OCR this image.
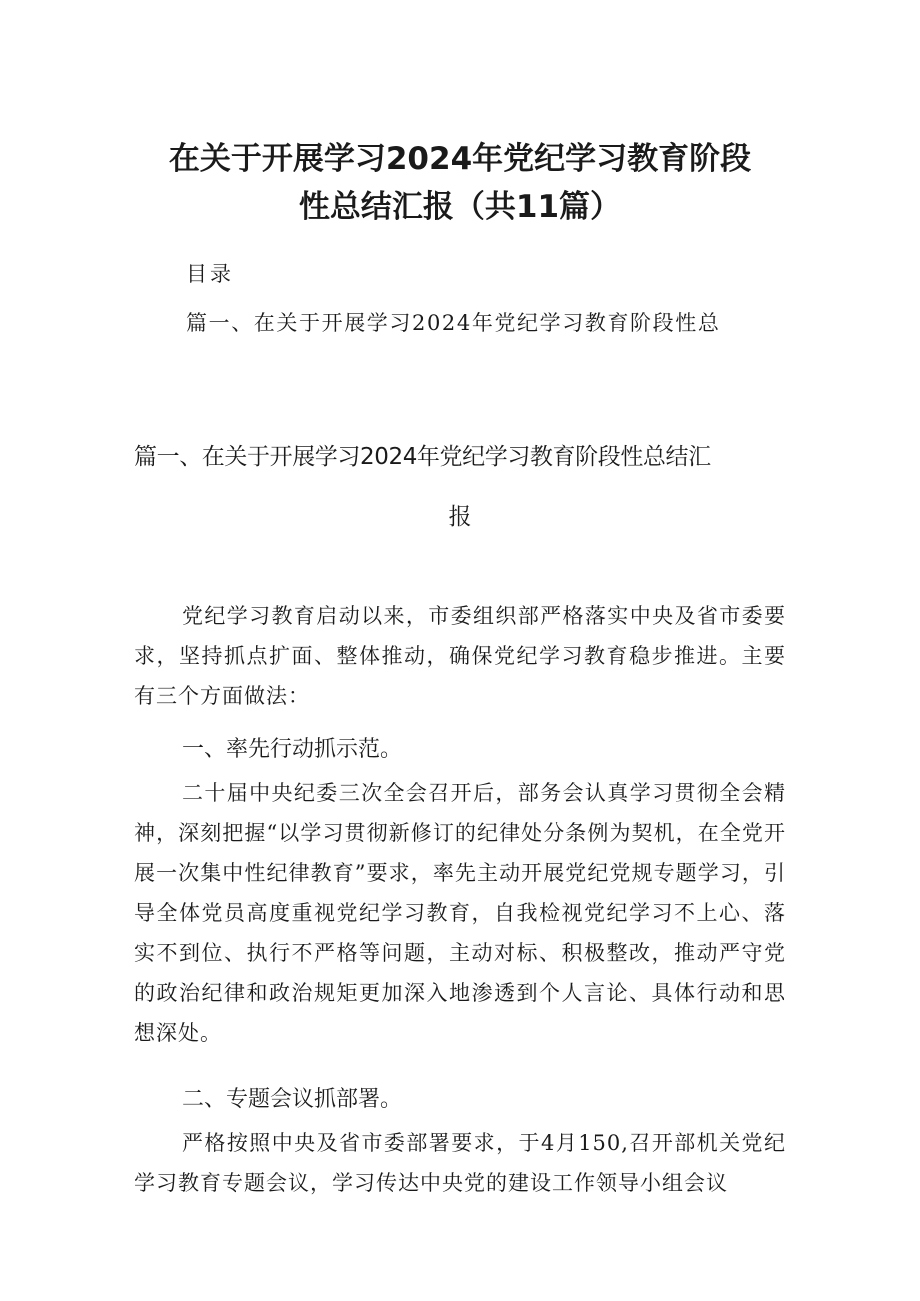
在关于开展学习2024年党纪学习教育阶段
性总结汇报（共11篇）
目录
篇一、在关于开展学习2024年党纪学习教育阶段性总
篇一、在关于开展学习2024年党纪学习教育阶段性总结汇
报

党纪学习教育启动以来，市委组织部严格落实中央及省市委要求，坚持抓点扩面、整体推动，确保党纪学习教育稳步推进。主要有三个方面做法：

一、率先行动抓示范。

二十届中央纪委三次全会召开后，部务会认真学习贯彻全会精神，深刻把握“以学习贯彻新修订的纪律处分条例为契机，在全党开展一次集中性纪律教育”要求，率先主动开展党纪党规专题学习，引导全体党员高度重视党纪学习教育，自我检视党纪学习不上心、落实不到位、执行不严格等问题，主动对标、积极整改，推动严守党的政治纪律和政治规矩更加深入地渗透到个人言论、具体行动和思想深处。

二、专题会议抓部署。

严格按照中央及省市委部署要求，于4月150,召开部机关党纪学习教育专题会议，学习传达中央党的建设工作领导小组会议
